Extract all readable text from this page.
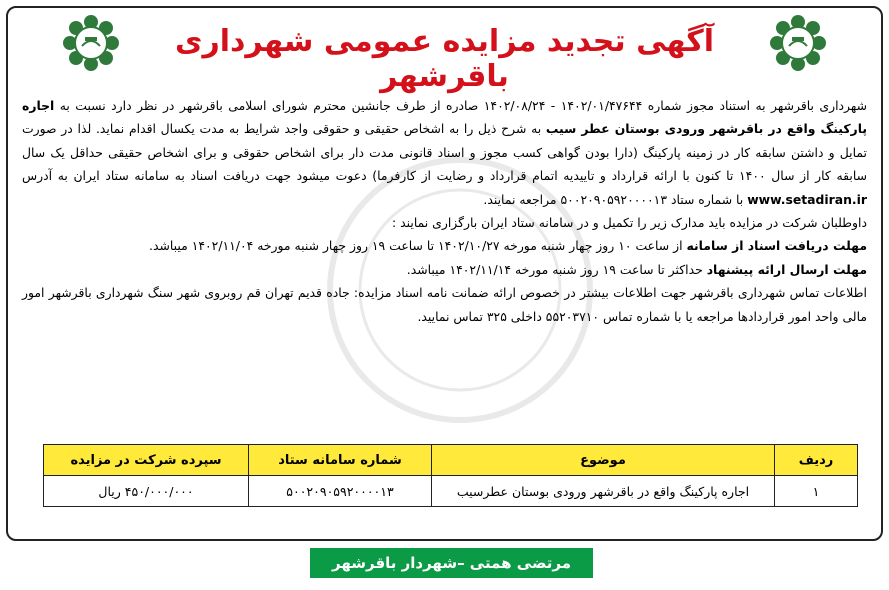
آگهی تجدید مزایده عمومی شهرداری باقرشهر

شهرداری باقرشهر به استناد مجوز شماره ۱۴۰۲/۰۱/۴۷۶۴۴ - ۱۴۰۲/۰۸/۲۴ صادره از طرف جانشین محترم شورای اسلامی باقرشهر در نظر دارد نسبت به اجاره پارکینگ واقع در باقرشهر ورودی بوستان عطر سیب به شرح ذیل را به اشخاص حقیقی و حقوقی واجد شرایط به مدت یکسال اقدام نماید. لذا در صورت تمایل و داشتن سابقه کار در زمینه پارکینگ (دارا بودن گواهی کسب مجوز و اسناد قانونی مدت دار برای اشخاص حقوقی و برای اشخاص حقیقی حداقل یک سال سابقه کار از سال ۱۴۰۰ تا کنون با ارائه قرارداد و تاییدیه اتمام قرارداد و رضایت از کارفرما) دعوت میشود جهت دریافت اسناد به سامانه ستاد ایران به آدرس www.setadiran.ir با شماره ستاد ۵۰۰۲۰۹۰۵۹۲۰۰۰۰۱۳ مراجعه نمایند.

داوطلبان شرکت در مزایده باید مدارک زیر را تکمیل و در سامانه ستاد ایران بارگزاری نمایند :

مهلت دریافت اسناد از سامانه از ساعت ۱۰ روز چهار شنبه مورخه ۱۴۰۲/۱۰/۲۷ تا ساعت ۱۹ روز چهار شنبه مورخه ۱۴۰۲/۱۱/۰۴ میباشد.

مهلت ارسال ارائه پیشنهاد حداکثر تا ساعت ۱۹ روز شنبه مورخه ۱۴۰۲/۱۱/۱۴ میباشد.

اطلاعات تماس شهرداری باقرشهر جهت اطلاعات بیشتر در خصوص ارائه ضمانت نامه اسناد مزایده: جاده قدیم تهران قم روبروی شهر سنگ شهرداری باقرشهر امور مالی واحد امور قراردادها مراجعه یا با شماره تماس ۵۵۲۰۳۷۱۰ داخلی ۳۲۵ تماس نمایید.

ردیف	موضوع	شماره سامانه ستاد	سپرده شرکت در مزایده
۱	اجاره پارکینگ واقع در باقرشهر ورودی بوستان عطرسیب	۵۰۰۲۰۹۰۵۹۲۰۰۰۰۱۳	۴۵۰/۰۰۰/۰۰۰ ریال
مرتضی همتی –شهردار باقرشهر
